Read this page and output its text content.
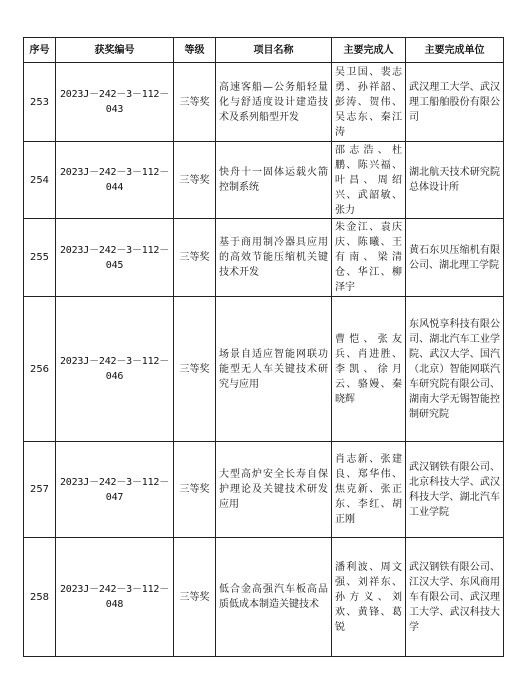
序号	获奖编号	等级	项目名称	主要完成人	主要完成单位
253	2023J－242－3－112－043	三等奖	高速客船—公务船轻量化与舒适度设计建造技术及系列船型开发	吴卫国、裴志勇、孙祥韶、彭涛、贺伟、吴志东、秦江涛	武汉理工大学、武汉理工船舶股份有限公司
254	2023J－242－3－112－044	三等奖	快舟十一固体运载火箭控制系统	邵志浩、杜鹏、陈兴福、叶昌、周绍兴、武韶敏、张力	湖北航天技术研究院总体设计所
255	2023J－242－3－112－045	三等奖	基于商用制冷器具应用的高效节能压缩机关键技术开发	朱金江、袁庆庆、陈曦、王有南、梁清仓、华江、柳泽宇	黄石东贝压缩机有限公司、湖北理工学院
256	2023J－242－3－112－046	三等奖	场景自适应智能网联功能型无人车关键技术研究与应用	曹恺、张友兵、肖进胜、李凯、徐月云、骆嫚、秦晓辉	东风悦享科技有限公司、湖北汽车工业学院、武汉大学、国汽（北京）智能网联汽车研究院有限公司、湖南大学无锡智能控制研究院
257	2023J－242－3－112－047	三等奖	大型高炉安全长寿自保护理论及关键技术研发应用	肖志新、张建良、郑华伟、焦克新、张正东、李红、胡正刚	武汉钢铁有限公司、北京科技大学、武汉科技大学、湖北汽车工业学院
258	2023J－242－3－112－048	三等奖	低合金高强汽车板高品质低成本制造关键技术	潘利波、周文强、刘祥东、孙方义、刘欢、黄锋、葛锐	武汉钢铁有限公司、江汉大学、东风商用车有限公司、武汉理工大学、武汉科技大学
